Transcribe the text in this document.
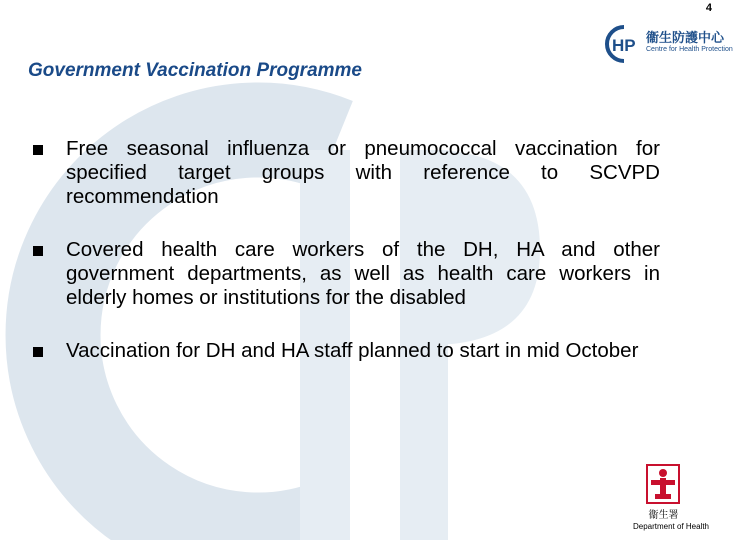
4
HP 衞生防護中心
Centre for Health Protection
Government Vaccination Programme
Free seasonal influenza or pneumococcal vaccination for specified target groups with reference to SCVPD recommendation
Covered health care workers of the DH, HA and other government departments, as well as health care workers in elderly homes or institutions for the disabled
Vaccination for DH and HA staff planned to start in mid October
衞生署
Department of Health
